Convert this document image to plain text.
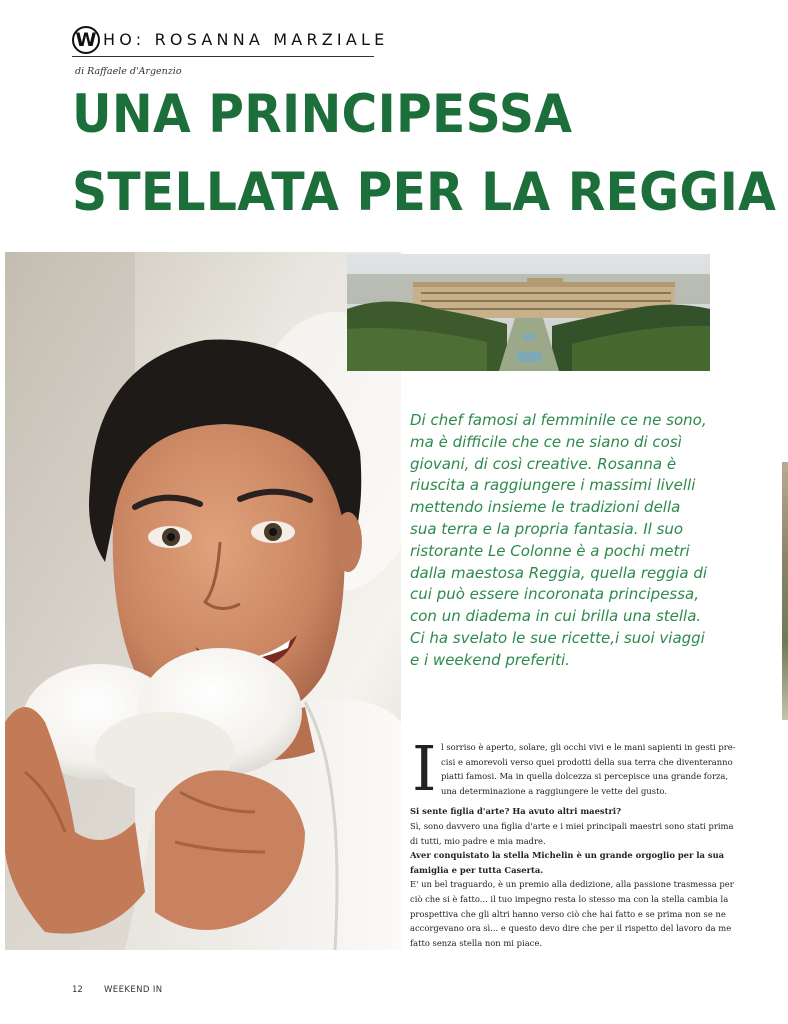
W HO: ROSANNA MARZIALE
di Raffaele d'Argenzio
UNA PRINCIPESSA
STELLATA PER LA REGGIA
Di chef famosi al femminile ce ne sono,
ma è difficile che ce ne siano di così
giovani, di così creative. Rosanna è
riuscita a raggiungere i massimi livelli
mettendo insieme le tradizioni della
sua terra e la propria fantasia. Il suo
ristorante Le Colonne è a pochi metri
dalla maestosa Reggia, quella reggia di
cui può essere incoronata principessa,
con un diadema in cui brilla una stella.
Ci ha svelato le sue ricette,i suoi viaggi
e i weekend preferiti.
I l sorriso è aperto, solare, gli occhi vivi e le mani sapienti in gesti pre-
cisi e amorevoli verso quei prodotti della sua terra che diventeranno
piatti famosi. Ma in quella dolcezza si percepisce una grande forza,
una determinazione a raggiungere le vette del gusto.
Si sente figlia d'arte? Ha avuto altri maestri?
Sì, sono davvero una figlia d'arte e i miei principali maestri sono stati prima
di tutti, mio padre e mia madre.
Aver conquistato la stella Michelin è un grande orgoglio per la sua
famiglia e per tutta Caserta.
E' un bel traguardo, è un premio alla dedizione, alla passione trasmessa per
ciò che si è fatto... il tuo impegno resta lo stesso ma con la stella cambia la
prospettiva che gli altri hanno verso ciò che hai fatto e se prima non se ne
accorgevano ora sì... e questo devo dire che per il rispetto del lavoro da me
fatto senza stella non mi piace.
12 WEEKEND IN
